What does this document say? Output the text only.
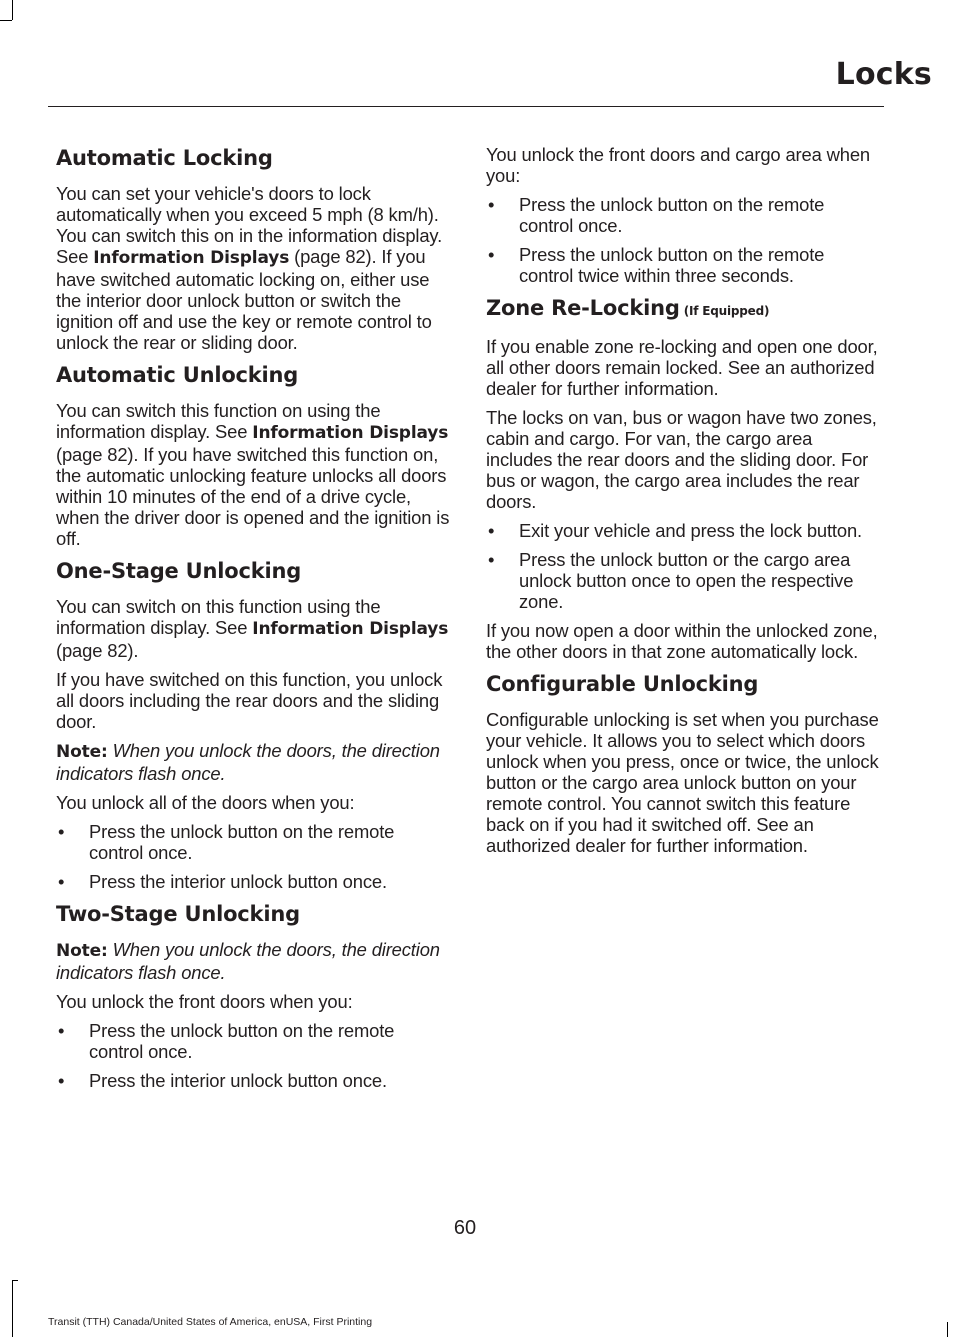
Locks
Automatic Locking

You can set your vehicle's doors to lock automatically when you exceed 5 mph (8 km/h). You can switch this on in the information display. See Information Displays (page 82). If you have switched automatic locking on, either use the interior door unlock button or switch the ignition off and use the key or remote control to unlock the rear or sliding door.

Automatic Unlocking

You can switch this function on using the information display. See Information Displays (page 82). If you have switched this function on, the automatic unlocking feature unlocks all doors within 10 minutes of the end of a drive cycle, when the driver door is opened and the ignition is off.

One-Stage Unlocking

You can switch on this function using the information display. See Information Displays (page 82).

If you have switched on this function, you unlock all doors including the rear doors and the sliding door.

Note: When you unlock the doors, the direction indicators flash once.

You unlock all of the doors when you:

• Press the unlock button on the remote control once.
• Press the interior unlock button once.
Two-Stage Unlocking

Note: When you unlock the doors, the direction indicators flash once.

You unlock the front doors when you:

• Press the unlock button on the remote control once.
• Press the interior unlock button once.

You unlock the front doors and cargo area when you:

• Press the unlock button on the remote control once.
• Press the unlock button on the remote control twice within three seconds.
Zone Re-Locking (If Equipped)

If you enable zone re-locking and open one door, all other doors remain locked. See an authorized dealer for further information.

The locks on van, bus or wagon have two zones, cabin and cargo. For van, the cargo area includes the rear doors and the sliding door. For bus or wagon, the cargo area includes the rear doors.

• Exit your vehicle and press the lock button.
• Press the unlock button or the cargo area unlock button once to open the respective zone.

If you now open a door within the unlocked zone, the other doors in that zone automatically lock.

Configurable Unlocking

Configurable unlocking is set when you purchase your vehicle. It allows you to select which doors unlock when you press, once or twice, the unlock button or the cargo area unlock button on your remote control. You cannot switch this feature back on if you had it switched off. See an authorized dealer for further information.

60
Transit (TTH) Canada/United States of America, enUSA, First Printing
